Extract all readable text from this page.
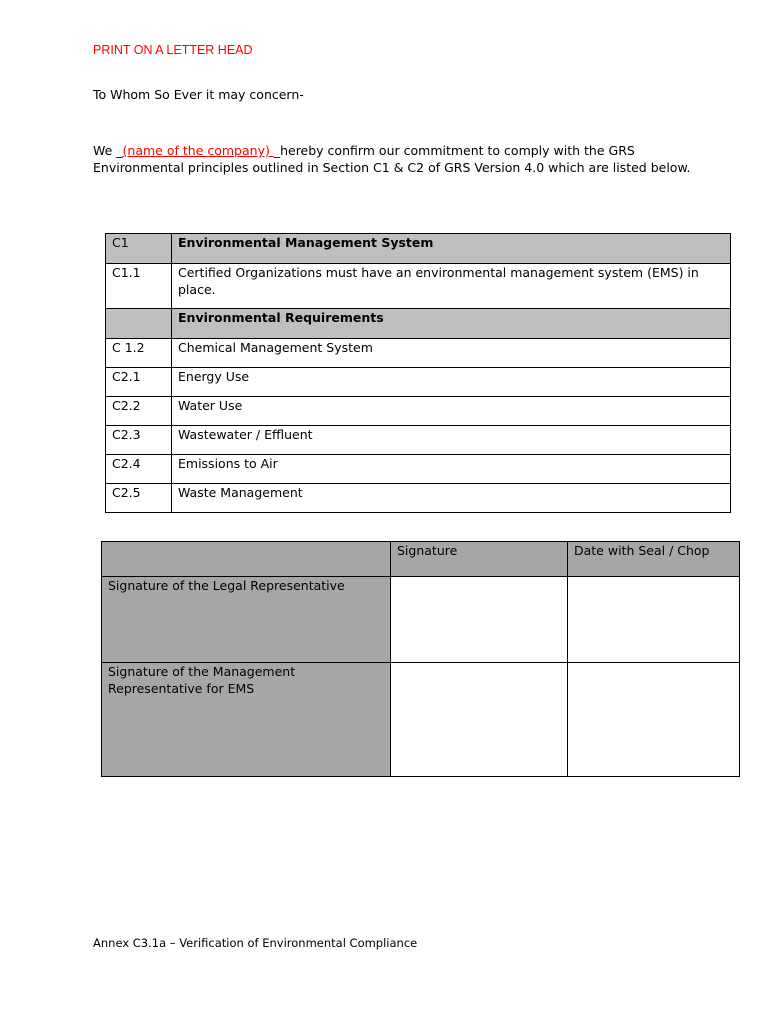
PRINT ON A LETTER HEAD
To Whom So Ever it may concern-
We _(name of the company) _hereby confirm our commitment to comply with the GRS Environmental principles outlined in Section C1 & C2 of GRS Version 4.0 which are listed below.
C1	Environmental Management System
C1.1	Certified Organizations must have an environmental management system (EMS) in place.
	Environmental Requirements
C 1.2	Chemical Management System
C2.1	Energy Use
C2.2	Water Use
C2.3	Wastewater / Effluent
C2.4	Emissions to Air
C2.5	Waste Management
	Signature	Date with Seal / Chop
Signature of the Legal Representative		
Signature of the Management Representative for EMS		
Annex C3.1a – Verification of Environmental Compliance
